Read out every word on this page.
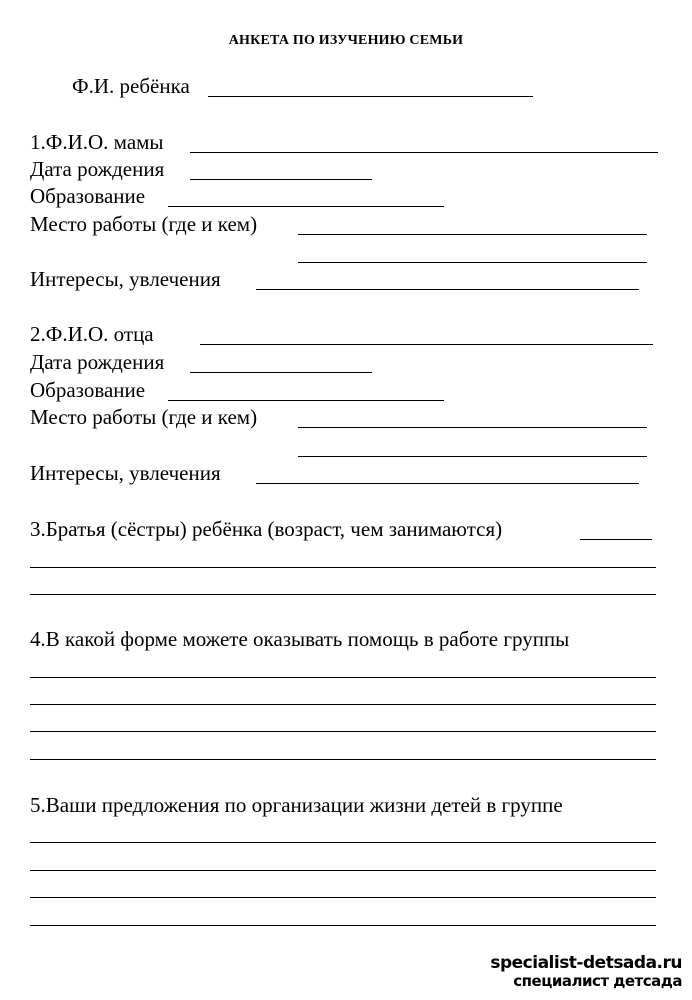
АНКЕТА ПО ИЗУЧЕНИЮ СЕМЬИ
Ф.И. ребёнка
1.Ф.И.О. мамы
Дата рождения
Образование
Место работы (где и кем)
Интересы, увлечения
2.Ф.И.О. отца
Дата рождения
Образование
Место работы (где и кем)
Интересы, увлечения
3.Братья (сёстры) ребёнка (возраст, чем занимаются)
4.В какой форме можете оказывать помощь в работе группы
5.Ваши предложения по организации жизни детей в группе
specialist-detsada.ru
специалист детсада
